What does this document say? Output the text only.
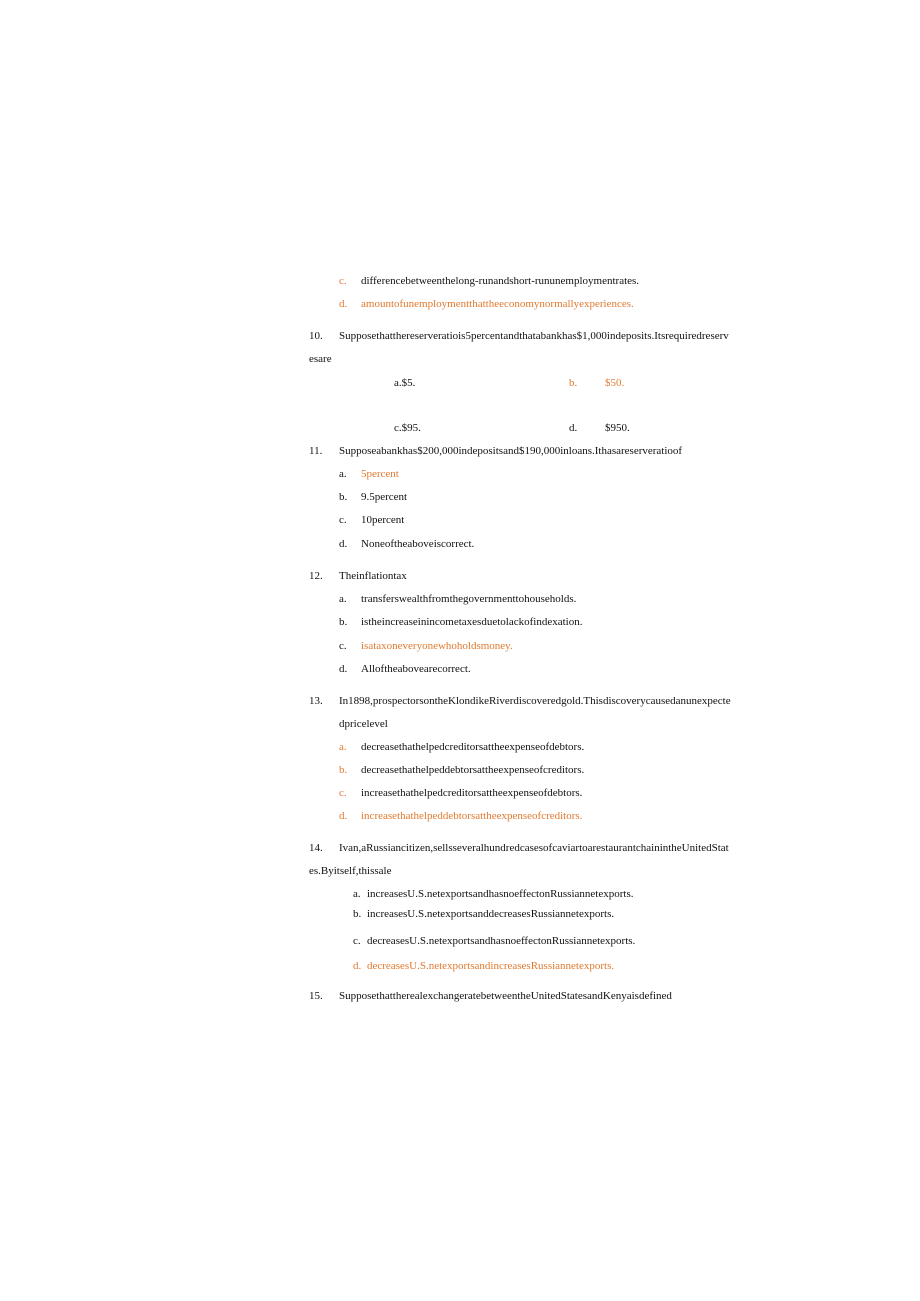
c. differencebetweenthelong-runandshort-rununemploymentrates.
d. amountofunemploymentthattheeconomynormallyexperiences.
10. Supposethatthereserveratiois5percentandthatabankhas$1,000indeposits.Itsrequiredreserv
esare
a.$5.	b.	$50.
c.$95.	d.	$950.
11. Supposeabankhas$200,000indepositsand$190,000inloans.Ithasareserveratioof
a. 5percent
b. 9.5percent
c. 10percent
d. Noneoftheaboveiscorrect.
12. Theinflationtax
a. transferswealthfromthegovernmenttohouseholds.
b. istheincreaseinincometaxesduetolackofindexation.
c. isataxoneveryonewhoholdsmoney.
d. Alloftheabovearecorrect.
13. In1898,prospectorsontheKlondikeRiverdiscoveredgold.Thisdiscoverycausedanunexpecte
dpricelevel
a. decreasethathelpedcreditorsattheexpenseofdebtors.
b. decreasethathelpeddebtorsattheexpenseofcreditors.
c. increasethathelpedcreditorsattheexpenseofdebtors.
d. increasethathelpeddebtorsattheexpenseofcreditors.
14. Ivan,aRussiancitizen,sellsseveralhundredcasesofcaviartoarestaurantchainintheUnitedStat
es.Byitself,thissale
a. increasesU.S.netexportsandhasnoeffectonRussiannetexports.
b. increasesU.S.netexportsanddecreasesRussiannetexports.
c. decreasesU.S.netexportsandhasnoeffectonRussiannetexports.
d. decreasesU.S.netexportsandincreasesRussiannetexports.
15. SupposethattherealexchangeratebetweentheUnitedStatesandKenyaisdefined
